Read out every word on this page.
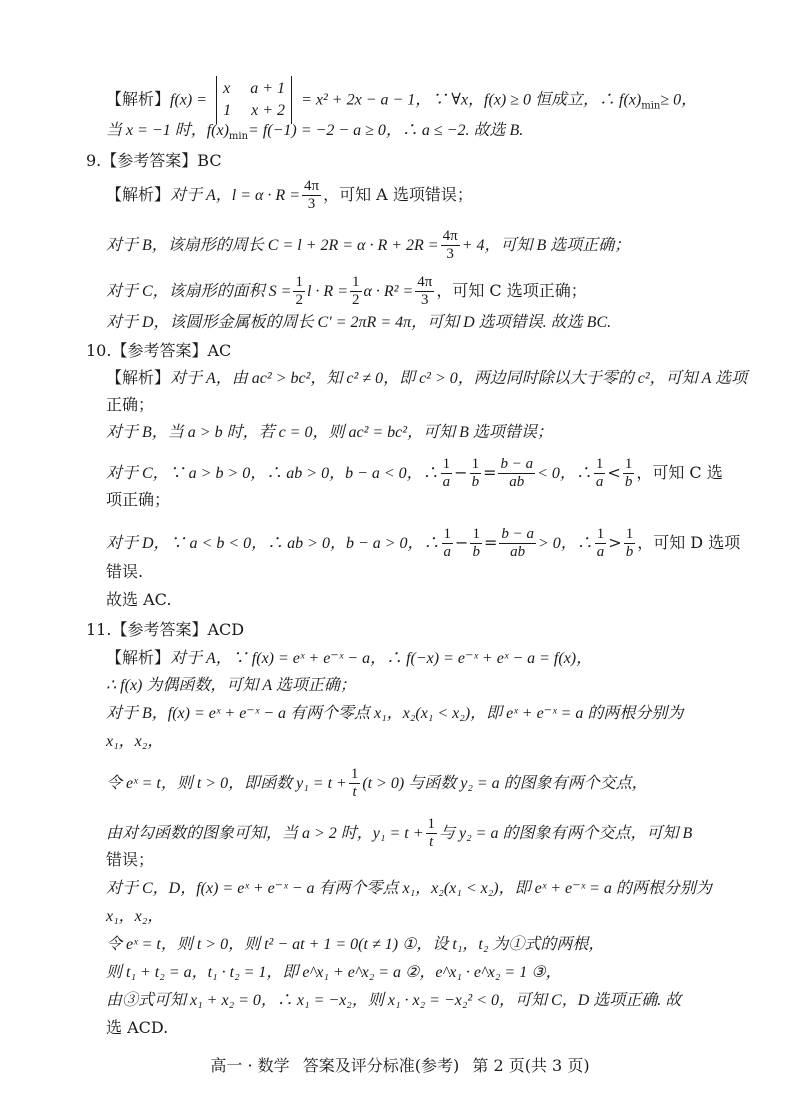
【解析】f(x) =
x a + 1
1 x + 2
= x² + 2x − a − 1，∵ ∀x，f(x) ≥ 0 恒成立，∴ $f(x)_{min}\ge 0$，
当 x = −1 时，$f(x)_{min}= f(-1) = -2 - a \ge 0$，∴ a ≤ −2. 故选 B.
9.【参考答案】BC
【解析】对于 A，$l = \alpha \cdot R = \frac{4\pi}{3}$ ，可知 A 选项错误；
对于 B，该扇形的周长 $C = l + 2R = \alpha \cdot R + 2R = \frac{4\pi}{3} + 4$，可知 B 选项正确；
对于 C，该扇形的面积 $S = \frac{1}{2}$ $l \cdot R = \frac{1}{2}$ $\alpha \cdot R^2 = \frac{4\pi}{3}$ ，可知 C 选项正确；
对于 D，该圆形金属板的周长 C′ = 2πR = 4π，可知 D 选项错误. 故选 BC.
10.【参考答案】AC
【解析】对于 A，由 ac² > bc²，知 c² ≠ 0，即 c² > 0，两边同时除以大于零的 c²，可知 A 选项
正确；
对于 B，当 a > b 时，若 c = 0，则 ac² = bc²，可知 B 选项错误；
对于 C，∵ a > b > 0，∴ ab > 0，b − a < 0，∴ $\frac{1}{a} - \frac{1}{b} = \frac{b - a}{ab} < 0$，∴ $\frac{1}{a} < \frac{1}{b}$ ，可知 C 选
项正确；
对于 D，∵ a < b < 0，∴ ab > 0，b − a > 0，∴ $\frac{1}{a} - \frac{1}{b} = \frac{b - a}{ab} > 0$，∴ $\frac{1}{a} > \frac{1}{b}$ ，可知 D 选项
错误.
故选 AC.
11.【参考答案】ACD
【解析】对于 A，∵ f(x) = eˣ + e⁻ˣ − a，∴ f(−x) = e⁻ˣ + eˣ − a = f(x)，
∴ f(x) 为偶函数，可知 A 选项正确；
对于 B，f(x) = eˣ + e⁻ˣ − a 有两个零点 x₁，x₂(x₁ < x₂)，即 eˣ + e⁻ˣ = a 的两根分别为
x₁，x₂，
令 eˣ = t，则 t > 0，即函数 $y_1 = t + \frac{1}{t} (t > 0)$ 与函数 y₂ = a 的图象有两个交点，
由对勾函数的图象可知，当 a > 2 时，$y_1 = t + \frac{1}{t}$ 与 y₂ = a 的图象有两个交点，可知 B
错误；
对于 C，D，f(x) = eˣ + e⁻ˣ − a 有两个零点 x₁，x₂(x₁ < x₂)，即 eˣ + e⁻ˣ = a 的两根分别为
x₁，x₂，
令 eˣ = t，则 t > 0，则 t² − at + 1 = 0(t ≠ 1) ①，设 t₁，t₂ 为①式的两根，
则 t₁ + t₂ = a，t₁ · t₂ = 1，即 e^x₁ + e^x₂ = a ②，e^x₁ · e^x₂ = 1 ③，
由③式可知 x₁ + x₂ = 0，∴ x₁ = −x₂，则 x₁ · x₂ = −x₂² < 0，可知 C，D 选项正确. 故
选 ACD.
高一 · 数学 答案及评分标准(参考) 第 2 页(共 3 页)
